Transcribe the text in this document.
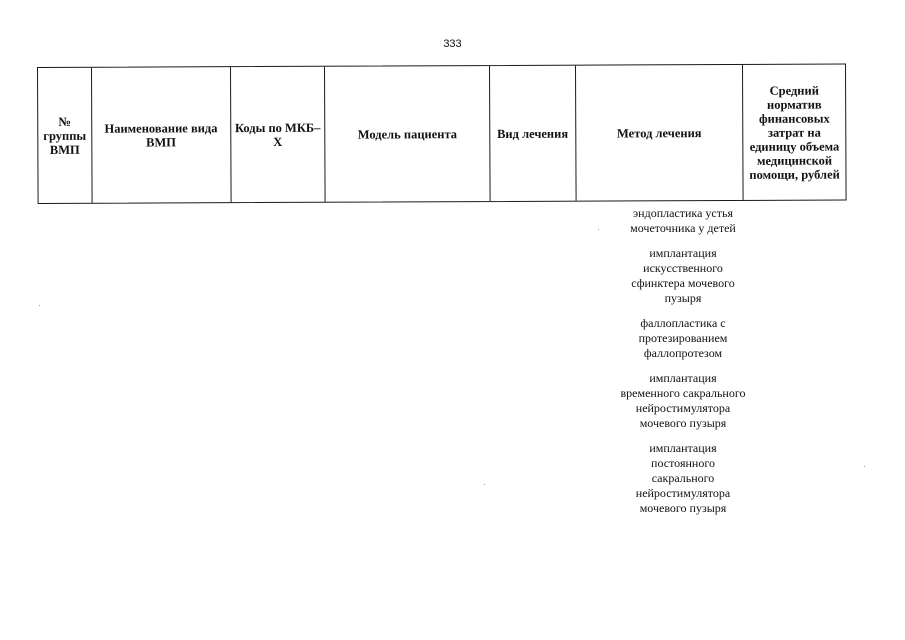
333
№ группы ВМП
Наименование вида ВМП
Коды по МКБ–Х
Модель пациента	Вид лечения	Метод лечения
Средний норматив финансовых затрат на единицу объема медицинской помощи, рублей
эндопластика устья мочеточника у детей
имплантация искусственного сфинктера мочевого пузыря
фаллопластика с протезированием фаллопротезом
имплантация временного сакрального нейростимулятора мочевого пузыря
имплантация постоянного сакрального нейростимулятора мочевого пузыря
